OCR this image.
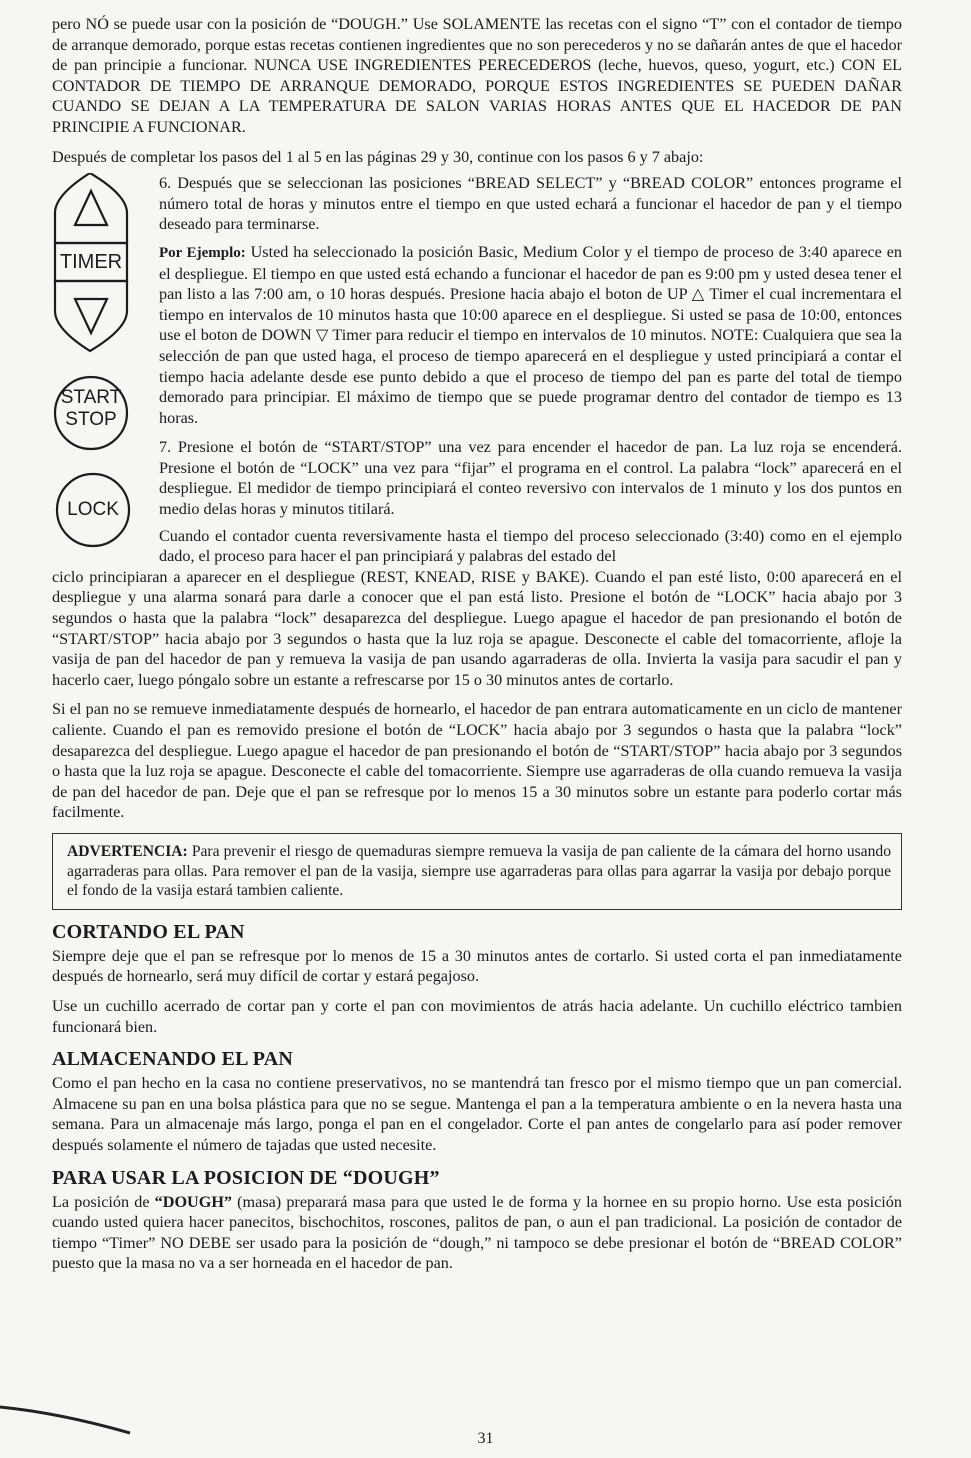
pero NÓ se puede usar con la posición de “DOUGH.” Use SOLAMENTE las recetas con el signo “T” con el contador de tiempo de arranque demorado, porque estas recetas contienen ingredientes que no son perecederos y no se dañarán antes de que el hacedor de pan principie a funcionar. NUNCA USE INGREDIENTES PERECEDEROS (leche, huevos, queso, yogurt, etc.) CON EL CONTADOR DE TIEMPO DE ARRANQUE DEMORADO, PORQUE ESTOS INGREDIENTES SE PUEDEN DAÑAR CUANDO SE DEJAN A LA TEMPERATURA DE SALON VARIAS HORAS ANTES QUE EL HACEDOR DE PAN PRINCIPIE A FUNCIONAR.

Después de completar los pasos del 1 al 5 en las páginas 29 y 30, continue con los pasos 6 y 7 abajo:

TIMER
START
STOP
LOCK

6. Después que se seleccionan las posiciones “BREAD SELECT” y “BREAD COLOR” entonces programe el número total de horas y minutos entre el tiempo en que usted echará a funcionar el hacedor de pan y el tiempo deseado para terminarse.

Por Ejemplo: Usted ha seleccionado la posición Basic, Medium Color y el tiempo de proceso de 3:40 aparece en el despliegue. El tiempo en que usted está echando a funcionar el hacedor de pan es 9:00 pm y usted desea tener el pan listo a las 7:00 am, o 10 horas después. Presione hacia abajo el boton de UP △ Timer el cual incrementara el tiempo en intervalos de 10 minutos hasta que 10:00 aparece en el despliegue. Si usted se pasa de 10:00, entonces use el boton de DOWN ▽ Timer para reducir el tiempo en intervalos de 10 minutos. NOTE: Cualquiera que sea la selección de pan que usted haga, el proceso de tiempo aparecerá en el despliegue y usted principiará a contar el tiempo hacia adelante desde ese punto debido a que el proceso de tiempo del pan es parte del total de tiempo demorado para principiar. El máximo de tiempo que se puede programar dentro del contador de tiempo es 13 horas.

7. Presione el botón de “START/STOP” una vez para encender el hacedor de pan. La luz roja se encenderá. Presione el botón de “LOCK” una vez para “fijar” el programa en el control. La palabra “lock” aparecerá en el despliegue. El medidor de tiempo principiará el conteo reversivo con intervalos de 1 minuto y los dos puntos en medio delas horas y minutos titilará.

Cuando el contador cuenta reversivamente hasta el tiempo del proceso seleccionado (3:40) como en el ejemplo dado, el proceso para hacer el pan principiará y palabras del estado del

ciclo principiaran a aparecer en el despliegue (REST, KNEAD, RISE y BAKE). Cuando el pan esté listo, 0:00 aparecerá en el despliegue y una alarma sonará para darle a conocer que el pan está listo. Presione el botón de “LOCK” hacia abajo por 3 segundos o hasta que la palabra “lock” desaparezca del despliegue. Luego apague el hacedor de pan presionando el botón de “START/STOP” hacia abajo por 3 segundos o hasta que la luz roja se apague. Desconecte el cable del tomacorriente, afloje la vasija de pan del hacedor de pan y remueva la vasija de pan usando agarraderas de olla. Invierta la vasija para sacudir el pan y hacerlo caer, luego póngalo sobre un estante a refrescarse por 15 o 30 minutos antes de cortarlo.

Si el pan no se remueve inmediatamente después de hornearlo, el hacedor de pan entrara automaticamente en un ciclo de mantener caliente. Cuando el pan es removido presione el botón de “LOCK” hacia abajo por 3 segundos o hasta que la palabra “lock” desaparezca del despliegue. Luego apague el hacedor de pan presionando el botón de “START/STOP” hacia abajo por 3 segundos o hasta que la luz roja se apague. Desconecte el cable del tomacorriente. Siempre use agarraderas de olla cuando remueva la vasija de pan del hacedor de pan. Deje que el pan se refresque por lo menos 15 a 30 minutos sobre un estante para poderlo cortar más facilmente.

ADVERTENCIA: Para prevenir el riesgo de quemaduras siempre remueva la vasija de pan caliente de la cámara del horno usando agarraderas para ollas. Para remover el pan de la vasija, siempre use agarraderas para ollas para agarrar la vasija por debajo porque el fondo de la vasija estará tambien caliente.

CORTANDO EL PAN

Siempre deje que el pan se refresque por lo menos de 15 a 30 minutos antes de cortarlo. Si usted corta el pan inmediatamente después de hornearlo, será muy difícil de cortar y estará pegajoso.

Use un cuchillo acerrado de cortar pan y corte el pan con movimientos de atrás hacia adelante. Un cuchillo eléctrico tambien funcionará bien.

ALMACENANDO EL PAN

Como el pan hecho en la casa no contiene preservativos, no se mantendrá tan fresco por el mismo tiempo que un pan comercial. Almacene su pan en una bolsa plástica para que no se segue. Mantenga el pan a la temperatura ambiente o en la nevera hasta una semana. Para un almacenaje más largo, ponga el pan en el congelador. Corte el pan antes de congelarlo para así poder remover después solamente el número de tajadas que usted necesite.

PARA USAR LA POSICION DE “DOUGH”

La posición de “DOUGH” (masa) preparará masa para que usted le de forma y la hornee en su propio horno. Use esta posición cuando usted quiera hacer panecitos, bischochitos, roscones, palitos de pan, o aun el pan tradicional. La posición de contador de tiempo “Timer” NO DEBE ser usado para la posición de “dough,” ni tampoco se debe presionar el botón de “BREAD COLOR” puesto que la masa no va a ser horneada en el hacedor de pan.

31
